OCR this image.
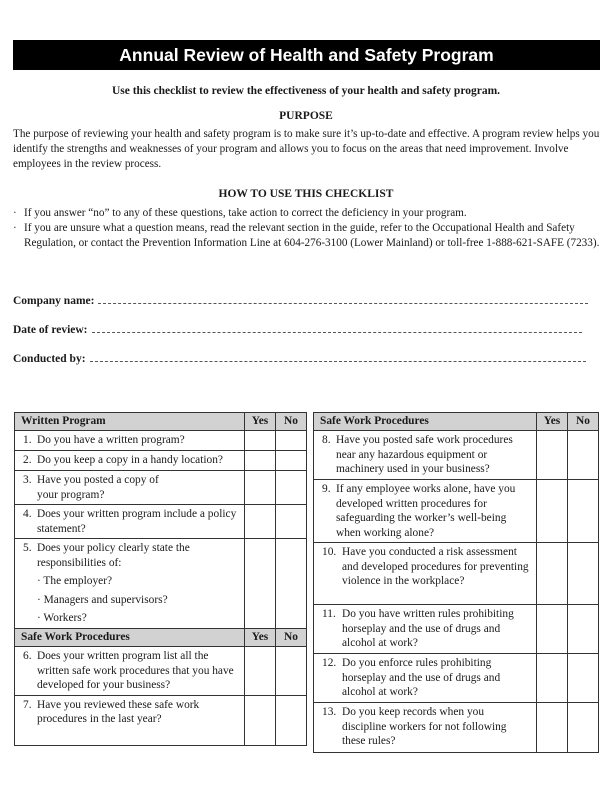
Annual Review of Health and Safety Program
Use this checklist to review the effectiveness of your health and safety program.
PURPOSE
The purpose of reviewing your health and safety program is to make sure it’s up-to-date and effective. A program review helps you identify the strengths and weaknesses of your program and allows you to focus on the areas that need improvement. Involve employees in the review process.
HOW TO USE THIS CHECKLIST
· If you answer “no” to any of these questions, take action to correct the deficiency in your program.
· If you are unsure what a question means, read the relevant section in the guide, refer to the Occupational Health and Safety Regulation, or contact the Prevention Information Line at 604-276-3100 (Lower Mainland) or toll-free 1-888-621-SAFE (7233).
Company name:
Date of review:
Conducted by:
Written Program	Yes	No

1. Do you have a written program?		

2. Do you keep a copy in a handy location?		

3. Have you posted a copy of your program?		

4. Does your written program include a policy statement?		

5. Does your policy clearly state the responsibilities of:
· The employer?
· Managers and supervisors?
· Workers?		

Safe Work Procedures	Yes	No

6. Does your written program list all the written safe work procedures that you have developed for your business?		

7. Have you reviewed these safe work procedures in the last year?		

Safe Work Procedures	Yes	No

8. Have you posted safe work procedures near any hazardous equipment or machinery used in your business?		

9. If any employee works alone, have you developed written procedures for safeguarding the worker’s well-being when working alone?		

10. Have you conducted a risk assessment and developed procedures for preventing violence in the workplace?		

11. Do you have written rules prohibiting horseplay and the use of drugs and alcohol at work?		

12. Do you enforce rules prohibiting horseplay and the use of drugs and alcohol at work?		

13. Do you keep records when you discipline workers for not following these rules?		
